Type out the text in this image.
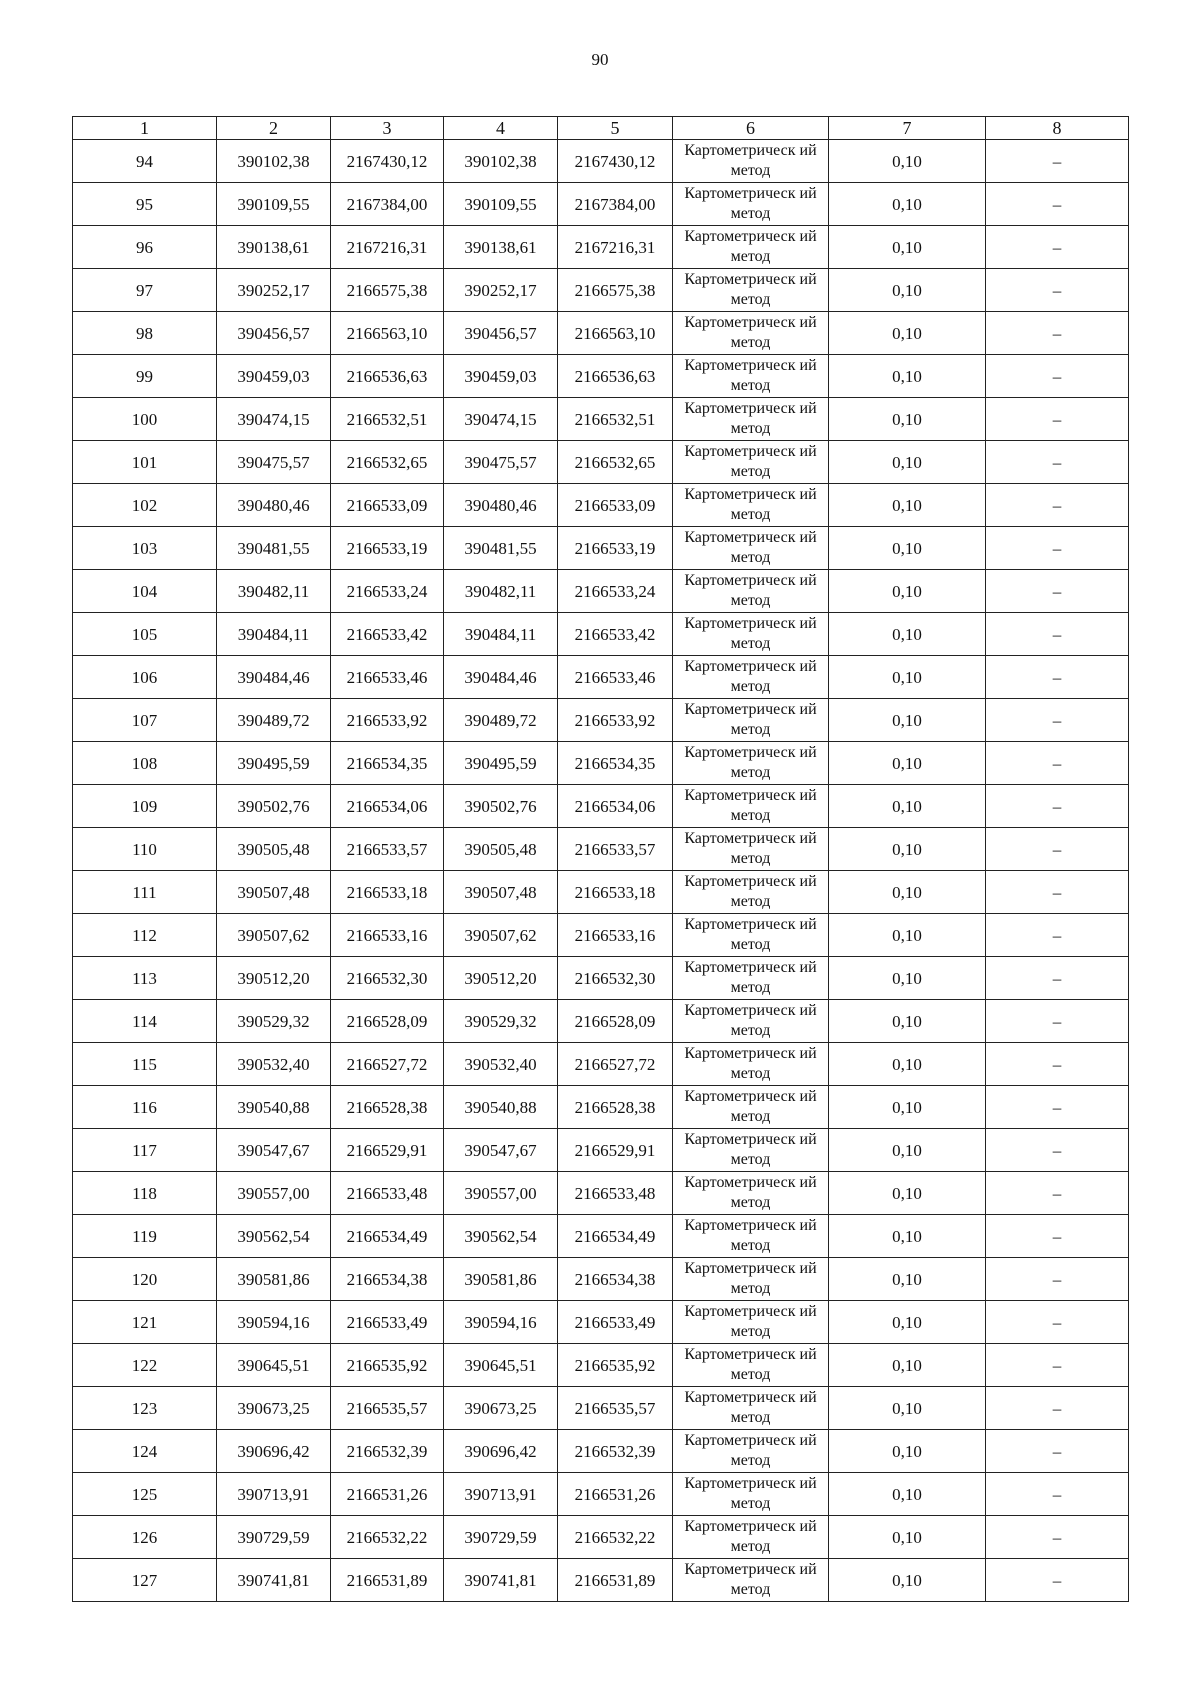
90
1	2	3	4	5	6	7	8
94	390102,38	2167430,12	390102,38	2167430,12	Картометрическ ий метод	0,10	–
95	390109,55	2167384,00	390109,55	2167384,00	Картометрическ ий метод	0,10	–
96	390138,61	2167216,31	390138,61	2167216,31	Картометрическ ий метод	0,10	–
97	390252,17	2166575,38	390252,17	2166575,38	Картометрическ ий метод	0,10	–
98	390456,57	2166563,10	390456,57	2166563,10	Картометрическ ий метод	0,10	–
99	390459,03	2166536,63	390459,03	2166536,63	Картометрическ ий метод	0,10	–
100	390474,15	2166532,51	390474,15	2166532,51	Картометрическ ий метод	0,10	–
101	390475,57	2166532,65	390475,57	2166532,65	Картометрическ ий метод	0,10	–
102	390480,46	2166533,09	390480,46	2166533,09	Картометрическ ий метод	0,10	–
103	390481,55	2166533,19	390481,55	2166533,19	Картометрическ ий метод	0,10	–
104	390482,11	2166533,24	390482,11	2166533,24	Картометрическ ий метод	0,10	–
105	390484,11	2166533,42	390484,11	2166533,42	Картометрическ ий метод	0,10	–
106	390484,46	2166533,46	390484,46	2166533,46	Картометрическ ий метод	0,10	–
107	390489,72	2166533,92	390489,72	2166533,92	Картометрическ ий метод	0,10	–
108	390495,59	2166534,35	390495,59	2166534,35	Картометрическ ий метод	0,10	–
109	390502,76	2166534,06	390502,76	2166534,06	Картометрическ ий метод	0,10	–
110	390505,48	2166533,57	390505,48	2166533,57	Картометрическ ий метод	0,10	–
111	390507,48	2166533,18	390507,48	2166533,18	Картометрическ ий метод	0,10	–
112	390507,62	2166533,16	390507,62	2166533,16	Картометрическ ий метод	0,10	–
113	390512,20	2166532,30	390512,20	2166532,30	Картометрическ ий метод	0,10	–
114	390529,32	2166528,09	390529,32	2166528,09	Картометрическ ий метод	0,10	–
115	390532,40	2166527,72	390532,40	2166527,72	Картометрическ ий метод	0,10	–
116	390540,88	2166528,38	390540,88	2166528,38	Картометрическ ий метод	0,10	–
117	390547,67	2166529,91	390547,67	2166529,91	Картометрическ ий метод	0,10	–
118	390557,00	2166533,48	390557,00	2166533,48	Картометрическ ий метод	0,10	–
119	390562,54	2166534,49	390562,54	2166534,49	Картометрическ ий метод	0,10	–
120	390581,86	2166534,38	390581,86	2166534,38	Картометрическ ий метод	0,10	–
121	390594,16	2166533,49	390594,16	2166533,49	Картометрическ ий метод	0,10	–
122	390645,51	2166535,92	390645,51	2166535,92	Картометрическ ий метод	0,10	–
123	390673,25	2166535,57	390673,25	2166535,57	Картометрическ ий метод	0,10	–
124	390696,42	2166532,39	390696,42	2166532,39	Картометрическ ий метод	0,10	–
125	390713,91	2166531,26	390713,91	2166531,26	Картометрическ ий метод	0,10	–
126	390729,59	2166532,22	390729,59	2166532,22	Картометрическ ий метод	0,10	–
127	390741,81	2166531,89	390741,81	2166531,89	Картометрическ ий метод	0,10	–
